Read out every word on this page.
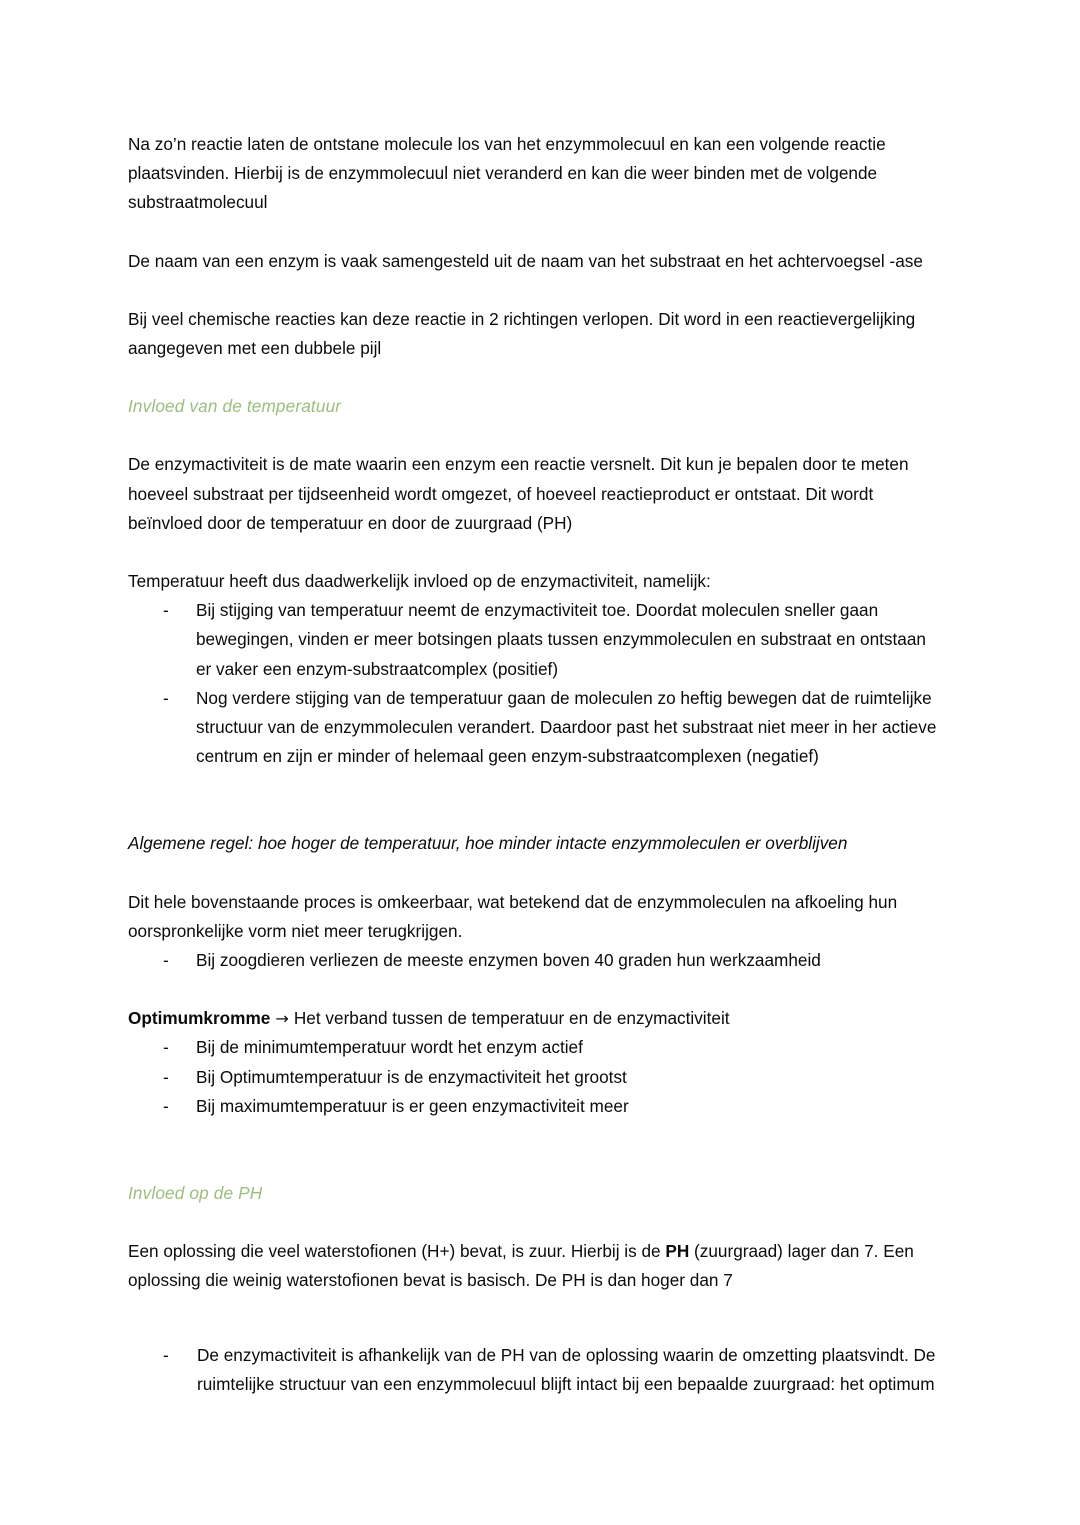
Na zo’n reactie laten de ontstane molecule los van het enzymmolecuul en kan een volgende reactie plaatsvinden. Hierbij is de enzymmolecuul niet veranderd en kan die weer binden met de volgende substraatmolecuul

De naam van een enzym is vaak samengesteld uit de naam van het substraat en het achtervoegsel -ase

Bij veel chemische reacties kan deze reactie in 2 richtingen verlopen. Dit word in een reactievergelijking aangegeven met een dubbele pijl

Invloed van de temperatuur

De enzymactiviteit is de mate waarin een enzym een reactie versnelt. Dit kun je bepalen door te meten hoeveel substraat per tijdseenheid wordt omgezet, of hoeveel reactieproduct er ontstaat. Dit wordt beïnvloed door de temperatuur en door de zuurgraad (PH)

Temperatuur heeft dus daadwerkelijk invloed op de enzymactiviteit, namelijk:

-	Bij stijging van temperatuur neemt de enzymactiviteit toe. Doordat moleculen sneller gaan bewegingen, vinden er meer botsingen plaats tussen enzymmoleculen en substraat en ontstaan er vaker een enzym-substraatcomplex (positief)
-	Nog verdere stijging van de temperatuur gaan de moleculen zo heftig bewegen dat de ruimtelijke structuur van de enzymmoleculen verandert. Daardoor past het substraat niet meer in her actieve centrum en zijn er minder of helemaal geen enzym-substraatcomplexen (negatief)

Algemene regel: hoe hoger de temperatuur, hoe minder intacte enzymmoleculen er overblijven

Dit hele bovenstaande proces is omkeerbaar, wat betekend dat de enzymmoleculen na afkoeling hun oorspronkelijke vorm niet meer terugkrijgen.

-	Bij zoogdieren verliezen de meeste enzymen boven 40 graden hun werkzaamheid

Optimumkromme → Het verband tussen de temperatuur en de enzymactiviteit

-	Bij de minimumtemperatuur wordt het enzym actief
-	Bij Optimumtemperatuur is de enzymactiviteit het grootst
-	Bij maximumtemperatuur is er geen enzymactiviteit meer
Invloed op de PH

Een oplossing die veel waterstofionen (H+) bevat, is zuur. Hierbij is de PH (zuurgraad) lager dan 7. Een oplossing die weinig waterstofionen bevat is basisch. De PH is dan hoger dan 7

-	De enzymactiviteit is afhankelijk van de PH van de oplossing waarin de omzetting plaatsvindt. De ruimtelijke structuur van een enzymmolecuul blijft intact bij een bepaalde zuurgraad: het optimum
